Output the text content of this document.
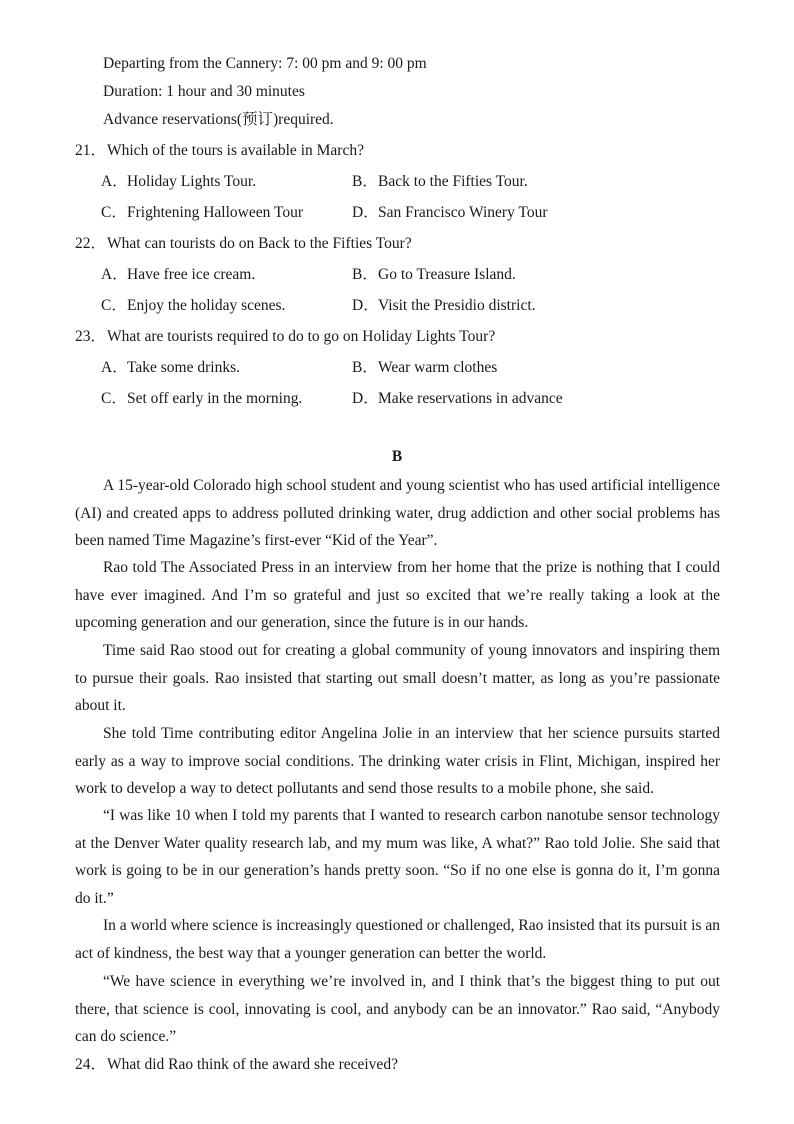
Departing from the Cannery: 7: 00 pm and 9: 00 pm
Duration: 1 hour and 30 minutes
Advance reservations(预订)required.
21．Which of the tours is available in March?
A．Holiday Lights Tour.	B．Back to the Fifties Tour.
C．Frightening Halloween Tour	D．San Francisco Winery Tour
22．What can tourists do on Back to the Fifties Tour?
A．Have free ice cream.	B．Go to Treasure Island.
C．Enjoy the holiday scenes.	D．Visit the Presidio district.
23．What are tourists required to do to go on Holiday Lights Tour?
A．Take some drinks.	B．Wear warm clothes
C．Set off early in the morning.	D．Make reservations in advance
B

A 15-year-old Colorado high school student and young scientist who has used artificial intelligence (AI) and created apps to address polluted drinking water, drug addiction and other social problems has been named Time Magazine’s first-ever “Kid of the Year”.

Rao told The Associated Press in an interview from her home that the prize is nothing that I could have ever imagined. And I’m so grateful and just so excited that we’re really taking a look at the upcoming generation and our generation, since the future is in our hands.

Time said Rao stood out for creating a global community of young innovators and inspiring them to pursue their goals. Rao insisted that starting out small doesn’t matter, as long as you’re passionate about it.

She told Time contributing editor Angelina Jolie in an interview that her science pursuits started early as a way to improve social conditions. The drinking water crisis in Flint, Michigan, inspired her work to develop a way to detect pollutants and send those results to a mobile phone, she said.

“I was like 10 when I told my parents that I wanted to research carbon nanotube sensor technology at the Denver Water quality research lab, and my mum was like, A what?” Rao told Jolie. She said that work is going to be in our generation’s hands pretty soon. “So if no one else is gonna do it, I’m gonna do it.”

In a world where science is increasingly questioned or challenged, Rao insisted that its pursuit is an act of kindness, the best way that a younger generation can better the world.

“We have science in everything we’re involved in, and I think that’s the biggest thing to put out there, that science is cool, innovating is cool, and anybody can be an innovator.” Rao said, “Anybody can do science.”

24．What did Rao think of the award she received?
